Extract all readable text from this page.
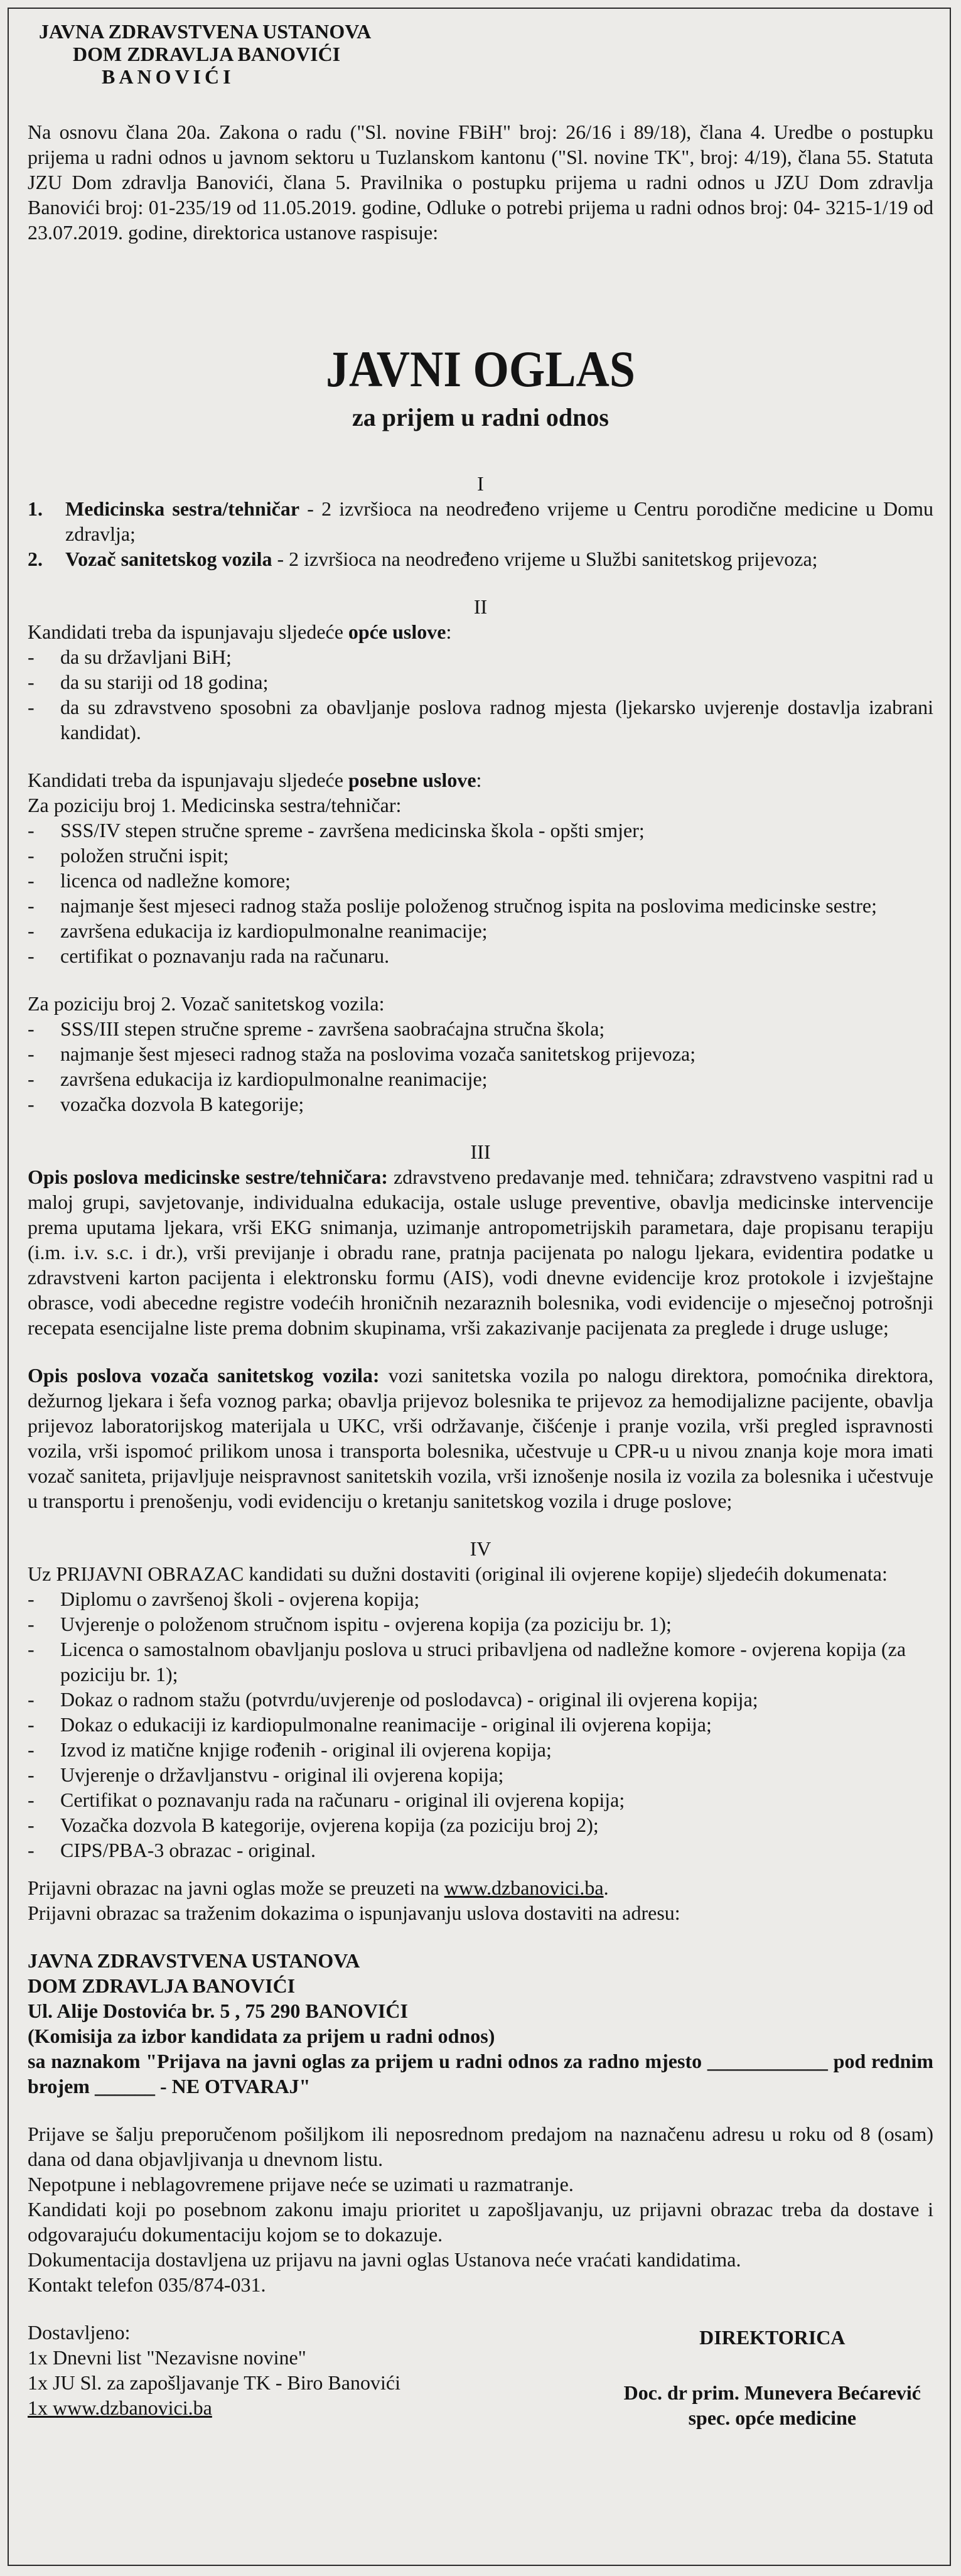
JAVNA ZDRAVSTVENA USTANOVA

DOM ZDRAVLJA BANOVIĆI

BANOVIĆI

Na osnovu člana 20a. Zakona o radu ("Sl. novine FBiH" broj: 26/16 i 89/18), člana 4. Uredbe o postupku prijema u radni odnos u javnom sektoru u Tuzlanskom kantonu ("Sl. novine TK", broj: 4/19), člana 55. Statuta JZU Dom zdravlja Banovići, člana 5. Pravilnika o postupku prijema u radni odnos u JZU Dom zdravlja Banovići broj: 01-235/19 od 11.05.2019. godine, Odluke o potrebi prijema u radni odnos broj: 04- 3215-1/19 od 23.07.2019. godine, direktorica ustanove raspisuje:

JAVNI OGLAS
za prijem u radni odnos
I
1.	Medicinska sestra/tehničar - 2 izvršioca na neodređeno vrijeme u Centru porodične medicine u Domu zdravlja;
2.	Vozač sanitetskog vozila - 2 izvršioca na neodređeno vrijeme u Službi sanitetskog prijevoza;
II

Kandidati treba da ispunjavaju sljedeće opće uslove:

-	da su državljani BiH;
-	da su stariji od 18 godina;
-	da su zdravstveno sposobni za obavljanje poslova radnog mjesta (ljekarsko uvjerenje dostavlja izabrani kandidat).

Kandidati treba da ispunjavaju sljedeće posebne uslove:

Za poziciju broj 1. Medicinska sestra/tehničar:

-	SSS/IV stepen stručne spreme - završena medicinska škola - opšti smjer;
-	položen stručni ispit;
-	licenca od nadležne komore;
-	najmanje šest mjeseci radnog staža poslije položenog stručnog ispita na poslovima medicinske sestre;
-	završena edukacija iz kardiopulmonalne reanimacije;
-	certifikat o poznavanju rada na računaru.

Za poziciju broj 2. Vozač sanitetskog vozila:

-	SSS/III stepen stručne spreme - završena saobraćajna stručna škola;
-	najmanje šest mjeseci radnog staža na poslovima vozača sanitetskog prijevoza;
-	završena edukacija iz kardiopulmonalne reanimacije;
-	vozačka dozvola B kategorije;
III

Opis poslova medicinske sestre/tehničara: zdravstveno predavanje med. tehničara; zdravstveno vaspitni rad u maloj grupi, savjetovanje, individualna edukacija, ostale usluge preventive, obavlja medicinske intervencije prema uputama ljekara, vrši EKG snimanja, uzimanje antropometrijskih parametara, daje propisanu terapiju (i.m. i.v. s.c. i dr.), vrši previjanje i obradu rane, pratnja pacijenata po nalogu ljekara, evidentira podatke u zdravstveni karton pacijenta i elektronsku formu (AIS), vodi dnevne evidencije kroz protokole i izvještajne obrasce, vodi abecedne registre vodećih hroničnih nezaraznih bolesnika, vodi evidencije o mjesečnoj potrošnji recepata esencijalne liste prema dobnim skupinama, vrši zakazivanje pacijenata za preglede i druge usluge;

Opis poslova vozača sanitetskog vozila: vozi sanitetska vozila po nalogu direktora, pomoćnika direktora, dežurnog ljekara i šefa voznog parka; obavlja prijevoz bolesnika te prijevoz za hemodijalizne pacijente, obavlja prijevoz laboratorijskog materijala u UKC, vrši održavanje, čišćenje i pranje vozila, vrši pregled ispravnosti vozila, vrši ispomoć prilikom unosa i transporta bolesnika, učestvuje u CPR-u u nivou znanja koje mora imati vozač saniteta, prijavljuje neispravnost sanitetskih vozila, vrši iznošenje nosila iz vozila za bolesnika i učestvuje u transportu i prenošenju, vodi evidenciju o kretanju sanitetskog vozila i druge poslove;

IV

Uz PRIJAVNI OBRAZAC kandidati su dužni dostaviti (original ili ovjerene kopije) sljedećih dokumenata:

-	Diplomu o završenoj školi - ovjerena kopija;
-	Uvjerenje o položenom stručnom ispitu - ovjerena kopija (za poziciju br. 1);
-	Licenca o samostalnom obavljanju poslova u struci pribavljena od nadležne komore - ovjerena kopija (za poziciju br. 1);
-	Dokaz o radnom stažu (potvrdu/uvjerenje od poslodavca) - original ili ovjerena kopija;
-	Dokaz o edukaciji iz kardiopulmonalne reanimacije - original ili ovjerena kopija;
-	Izvod iz matične knjige rođenih - original ili ovjerena kopija;
-	Uvjerenje o državljanstvu - original ili ovjerena kopija;
-	Certifikat o poznavanju rada na računaru - original ili ovjerena kopija;
-	Vozačka dozvola B kategorije, ovjerena kopija (za poziciju broj 2);
-	CIPS/PBA-3 obrazac - original.

Prijavni obrazac na javni oglas može se preuzeti na www.dzbanovici.ba.

Prijavni obrazac sa traženim dokazima o ispunjavanju uslova dostaviti na adresu:

JAVNA ZDRAVSTVENA USTANOVA

DOM ZDRAVLJA BANOVIĆI

Ul. Alije Dostovića br. 5 , 75 290 BANOVIĆI

(Komisija za izbor kandidata za prijem u radni odnos)

sa naznakom "Prijava na javni oglas za prijem u radni odnos za radno mjesto ____________ pod rednim brojem ______ - NE OTVARAJ"

Prijave se šalju preporučenom pošiljkom ili neposrednom predajom na naznačenu adresu u roku od 8 (osam) dana od dana objavljivanja u dnevnom listu.

Nepotpune i neblagovremene prijave neće se uzimati u razmatranje.

Kandidati koji po posebnom zakonu imaju prioritet u zapošljavanju, uz prijavni obrazac treba da dostave i odgovarajuću dokumentaciju kojom se to dokazuje.

Dokumentacija dostavljena uz prijavu na javni oglas Ustanova neće vraćati kandidatima.

Kontakt telefon 035/874-031.

Dostavljeno:

1x Dnevni list "Nezavisne novine"

1x JU Sl. za zapošljavanje TK - Biro Banovići

1x www.dzbanovici.ba

DIREKTORICA

Doc. dr prim. Munevera Bećarević

spec. opće medicine
